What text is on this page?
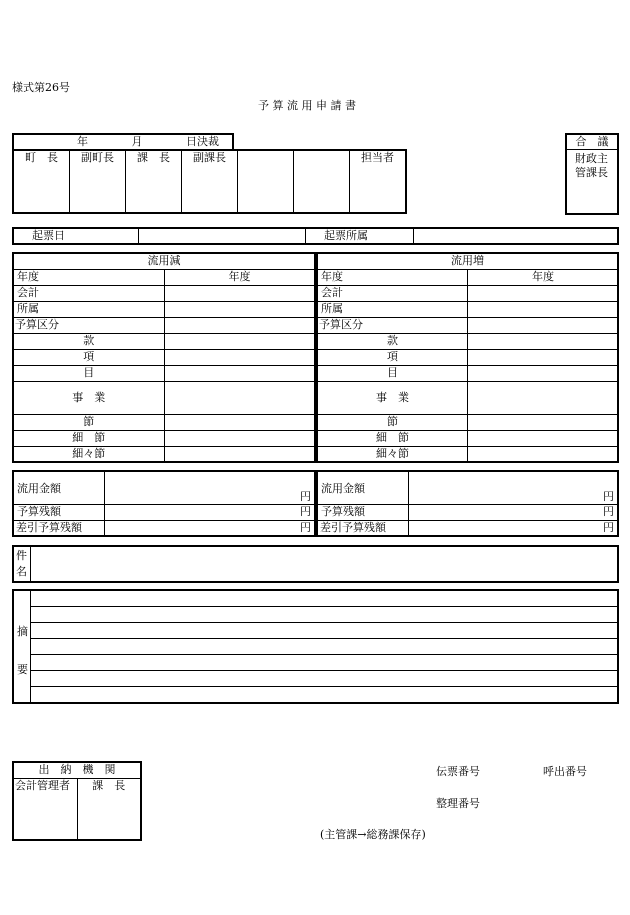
様式第26号
予 算 流 用 申 請 書
年	月	日決裁
町　長	副町長	課　長	副課長			担当者
合　議
財政主管課長
起票日		起票所属	
流用減	
年度	年度
会計	
所属	
予算区分	
款	
項	
目	
事　業	
節	
細　節	
細々節	
流用増	
年度	年度
会計	
所属	
予算区分	
款	
項	
目	
事　業	
節	
細　節	
細々節	
流用金額	円
予算残額	円
差引予算残額	円
流用金額	円
予算残額	円
差引予算残額	円
件
名

摘
要
出　納　機　関
会計管理者	課　長
伝票番号	呼出番号
整理番号
(主管課→総務課保存)
